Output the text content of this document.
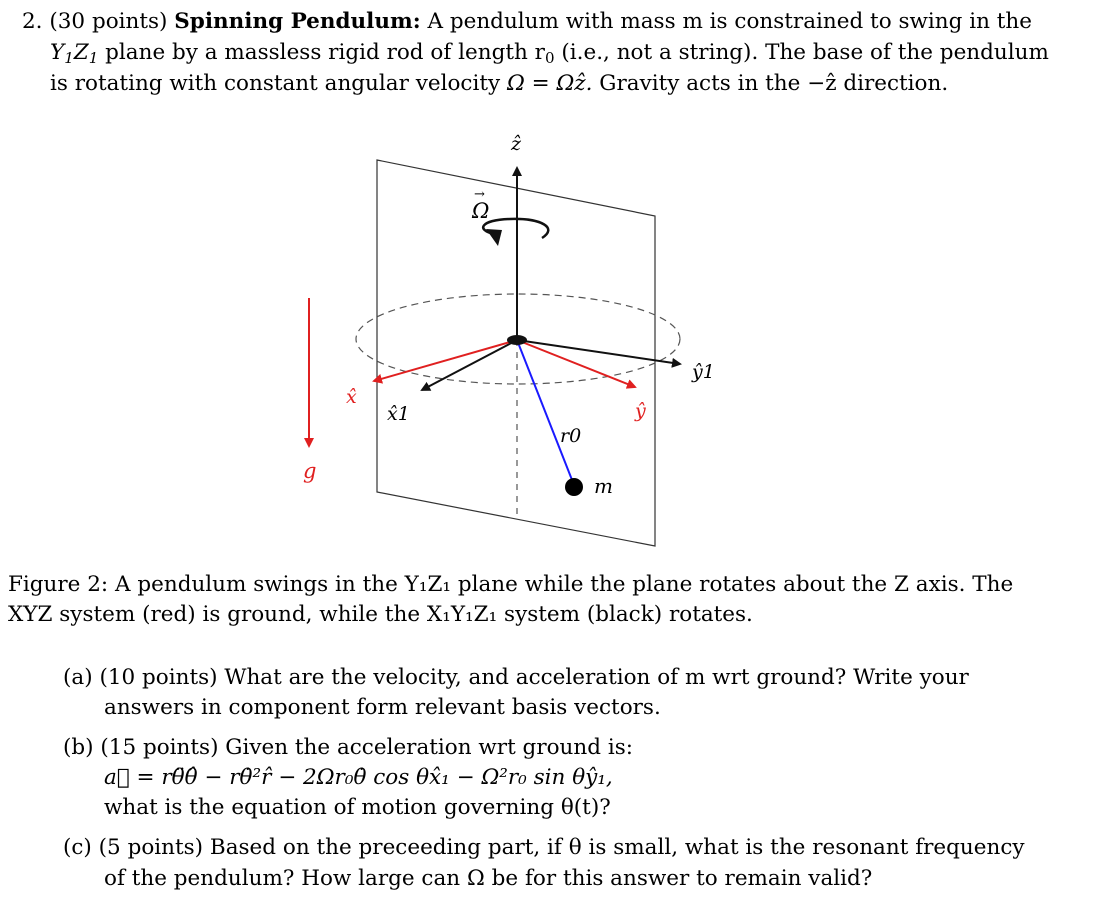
2. (30 points) Spinning Pendulum: A pendulum with mass m is constrained to swing in the
$Y_1Z_1$ plane by a massless rigid rod of length $r_0$ (i.e., not a string). The base of the pendulum
is rotating with constant angular velocity Ω = Ωẑ. Gravity acts in the −ẑ direction.
ẑ
Ω
→
x̂1
ŷ1
x̂
ŷ
r0
m
g
Figure 2: A pendulum swings in the Y₁Z₁ plane while the plane rotates about the Z axis. The
XYZ system (red) is ground, while the X₁Y₁Z₁ system (black) rotates.
(a) (10 points) What are the velocity, and acceleration of m wrt ground? Write your
answers in component form relevant basis vectors.
(b) (15 points) Given the acceleration wrt ground is:
a⃗ = rθ̈θ̂ − rθ̇²r̂ − 2Ωr₀θ̇ cos θx̂₁ − Ω²r₀ sin θŷ₁,
what is the equation of motion governing θ(t)?
(c) (5 points) Based on the preceeding part, if θ is small, what is the resonant frequency
of the pendulum? How large can Ω be for this answer to remain valid?
